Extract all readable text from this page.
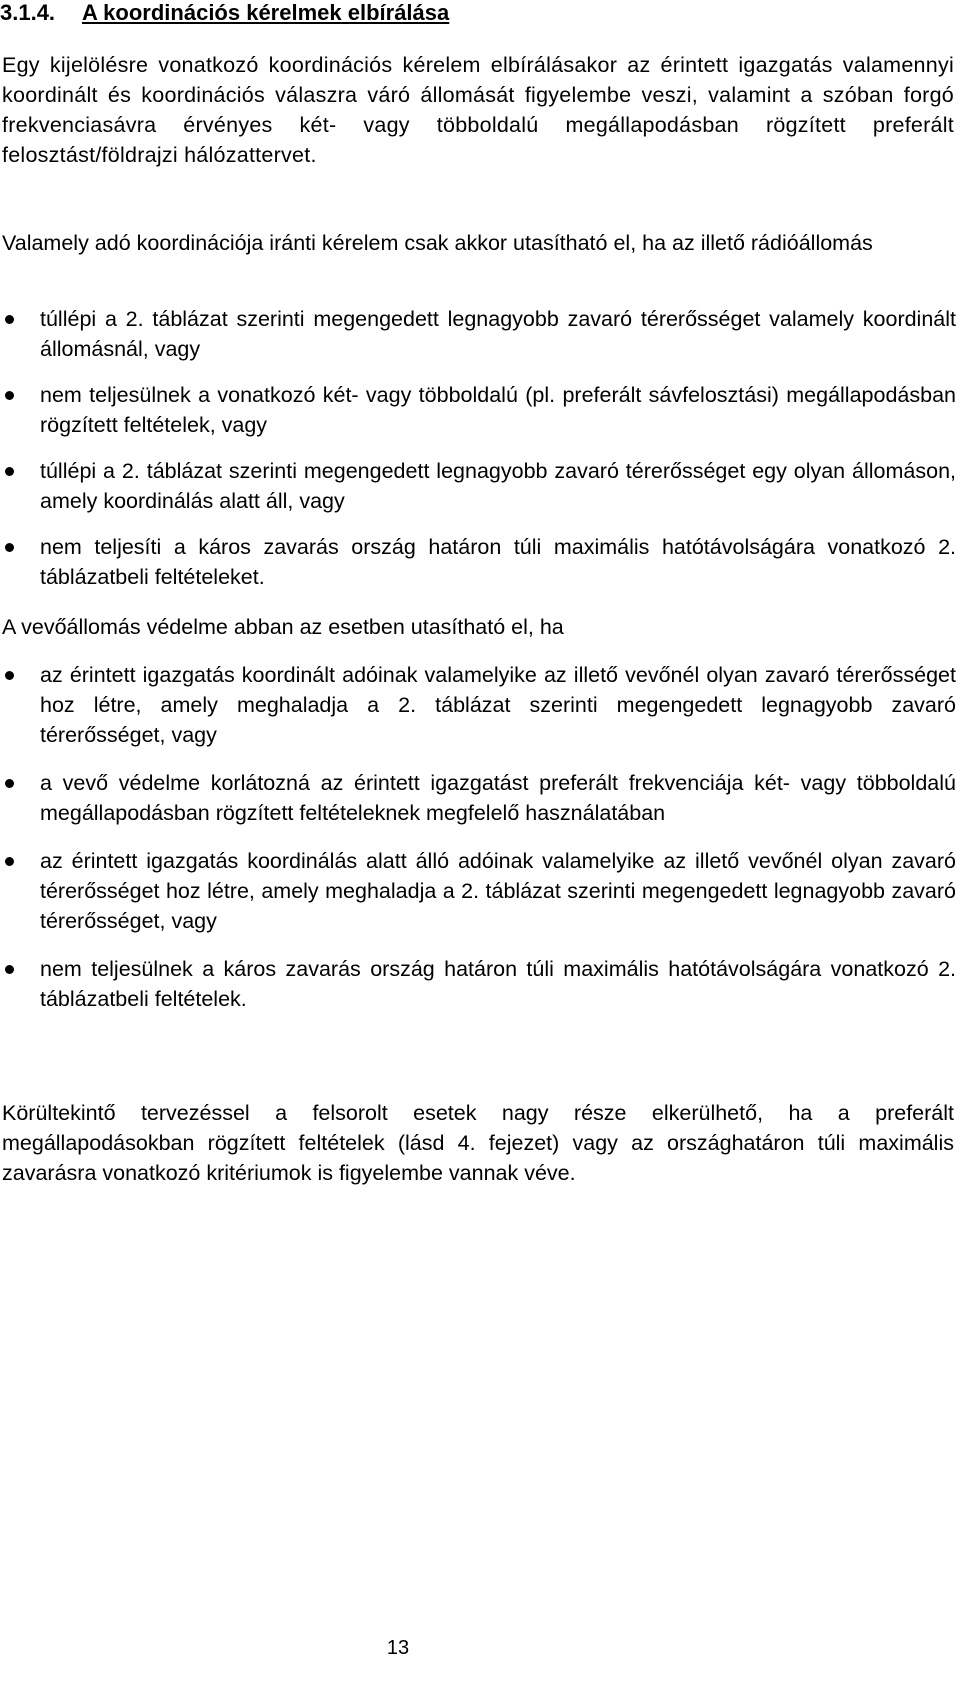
3.1.4. A koordinációs kérelmek elbírálása

Egy kijelölésre vonatkozó koordinációs kérelem elbírálásakor az érintett igazgatás valamennyi koordinált és koordinációs válaszra váró állomását figyelembe veszi, valamint a szóban forgó frekvenciasávra érvényes két- vagy többoldalú megállapodásban rögzített preferált felosztást/földrajzi hálózattervet.

Valamely adó koordinációja iránti kérelem csak akkor utasítható el, ha az illető rádióállomás

túllépi a 2. táblázat szerinti megengedett legnagyobb zavaró térerősséget valamely koordinált állomásnál, vagy
nem teljesülnek a vonatkozó két- vagy többoldalú (pl. preferált sávfelosztási) megállapodásban rögzített feltételek, vagy
túllépi a 2. táblázat szerinti megengedett legnagyobb zavaró térerősséget egy olyan állomáson, amely koordinálás alatt áll, vagy
nem teljesíti a káros zavarás ország határon túli maximális hatótávolságára vonatkozó 2. táblázatbeli feltételeket.

A vevőállomás védelme abban az esetben utasítható el, ha

az érintett igazgatás koordinált adóinak valamelyike az illető vevőnél olyan zavaró térerősséget hoz létre, amely meghaladja a 2. táblázat szerinti megengedett legnagyobb zavaró térerősséget, vagy
a vevő védelme korlátozná az érintett igazgatást preferált frekvenciája két- vagy többoldalú megállapodásban rögzített feltételeknek megfelelő használatában
az érintett igazgatás koordinálás alatt álló adóinak valamelyike az illető vevőnél olyan zavaró térerősséget hoz létre, amely meghaladja a 2. táblázat szerinti megengedett legnagyobb zavaró térerősséget, vagy
nem teljesülnek a káros zavarás ország határon túli maximális hatótávolságára vonatkozó 2. táblázatbeli feltételek.

Körültekintő tervezéssel a felsorolt esetek nagy része elkerülhető, ha a preferált megállapodásokban rögzített feltételek (lásd 4. fejezet) vagy az országhatáron túli maximális zavarásra vonatkozó kritériumok is figyelembe vannak véve.

13
